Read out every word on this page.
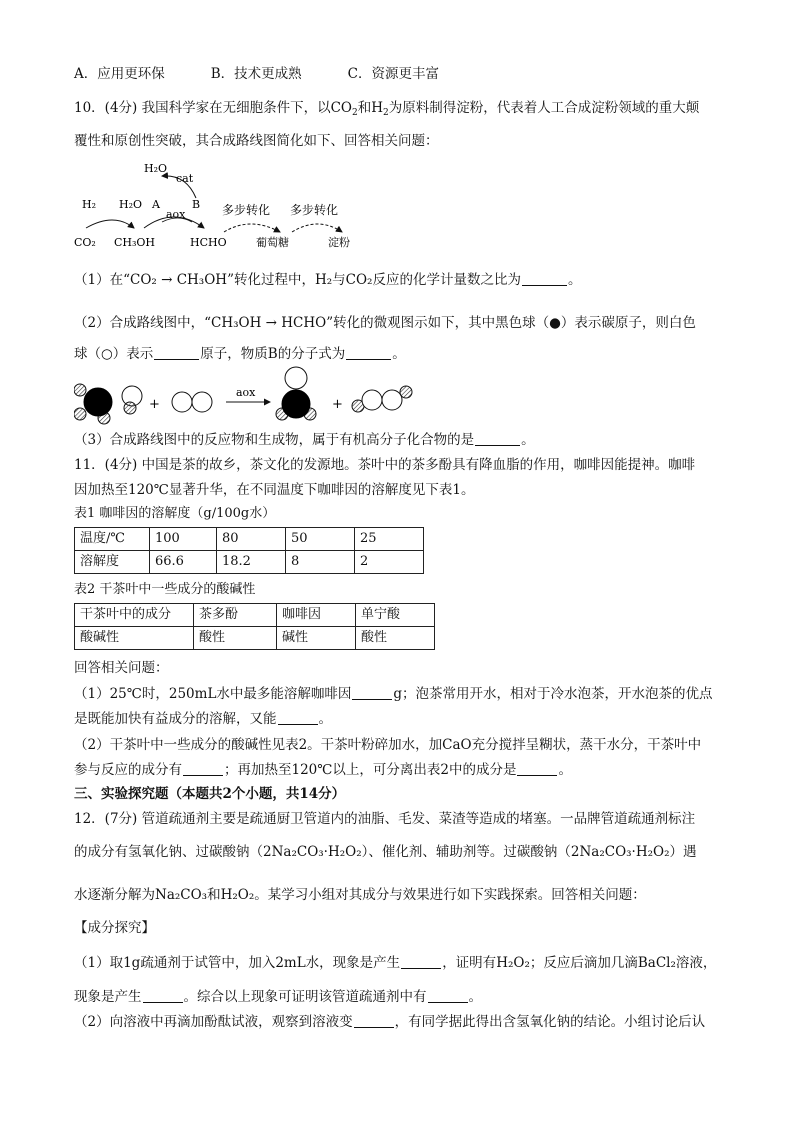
A．应用更环保	B．技术更成熟	C．资源更丰富
10．(4分) 我国科学家在无细胞条件下，以$CO_2$和$H_2$为原料制得淀粉，代表着人工合成淀粉领域的重大颠
覆性和原创性突破，其合成路线图简化如下、回答相关问题：
H₂O
cat
H₂ H₂O A	B
aox	多步转化 多步转化
CO₂ CH₃OH	HCHO	葡萄糖	淀粉
（1）在“CO₂ → CH₃OH”转化过程中，H₂与CO₂反应的化学计量数之比为	。
（2）合成路线图中，“CH₃OH → HCHO”转化的微观图示如下，其中黑色球（●）表示碳原子，则白色
球（○）表示	原子，物质B的分子式为	。
+
aox
+
（3）合成路线图中的反应物和生成物，属于有机高分子化合物的是	。
11．(4分) 中国是茶的故乡，茶文化的发源地。茶叶中的茶多酚具有降血脂的作用，咖啡因能提神。咖啡
因加热至120℃显著升华，在不同温度下咖啡因的溶解度见下表1。
表1 咖啡因的溶解度（g/100g水）
温度/℃	100	80	50	25
溶解度	66.6	18.2	8	2
表2 干茶叶中一些成分的酸碱性
干茶叶中的成分	茶多酚	咖啡因	单宁酸
酸碱性	酸性	碱性	酸性
回答相关问题：
（1）25℃时，250mL水中最多能溶解咖啡因	g；泡茶常用开水，相对于冷水泡茶，开水泡茶的优点
是既能加快有益成分的溶解，又能	。
（2）干茶叶中一些成分的酸碱性见表2。干茶叶粉碎加水，加CaO充分搅拌呈糊状，蒸干水分，干茶叶中
参与反应的成分有	；再加热至120℃以上，可分离出表2中的成分是	。
三、实验探究题（本题共2个小题，共14分）
12．(7分) 管道疏通剂主要是疏通厨卫管道内的油脂、毛发、菜渣等造成的堵塞。一品牌管道疏通剂标注
的成分有氢氧化钠、过碳酸钠（2Na₂CO₃·H₂O₂）、催化剂、辅助剂等。过碳酸钠（2Na₂CO₃·H₂O₂）遇
水逐渐分解为Na₂CO₃和H₂O₂。某学习小组对其成分与效果进行如下实践探索。回答相关问题：
【成分探究】
（1）取1g疏通剂于试管中，加入2mL水，现象是产生	，证明有H₂O₂；反应后滴加几滴BaCl₂溶液，
现象是产生	。综合以上现象可证明该管道疏通剂中有	。
（2）向溶液中再滴加酚酞试液，观察到溶液变	，有同学据此得出含氢氧化钠的结论。小组讨论后认
